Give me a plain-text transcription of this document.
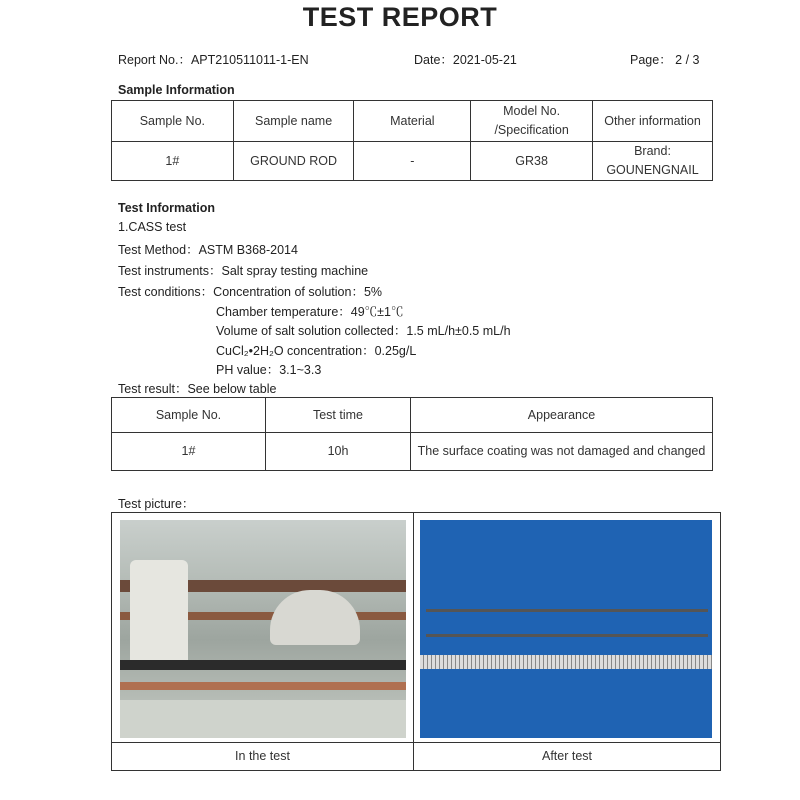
TEST REPORT
Report No.：APT210511011-1-EN	Date：2021-05-21	Page： 2 / 3
Sample Information
Sample No.	Sample name	Material	Model No. /Specification	Other information
1#	GROUND ROD	-	GR38	Brand: GOUNENGNAIL
Test Information
1.CASS test
Test Method：ASTM B368-2014
Test instruments：Salt spray testing machine
Test conditions：Concentration of solution：5%
Chamber temperature：49℃±1℃
Volume of salt solution collected：1.5 mL/h±0.5 mL/h
CuCl₂•2H₂O concentration：0.25g/L
PH value：3.1~3.3
Test result：See below table
Sample No.	Test time	Appearance
1#	10h	The surface coating was not damaged and changed
Test picture：

In the test	After test
